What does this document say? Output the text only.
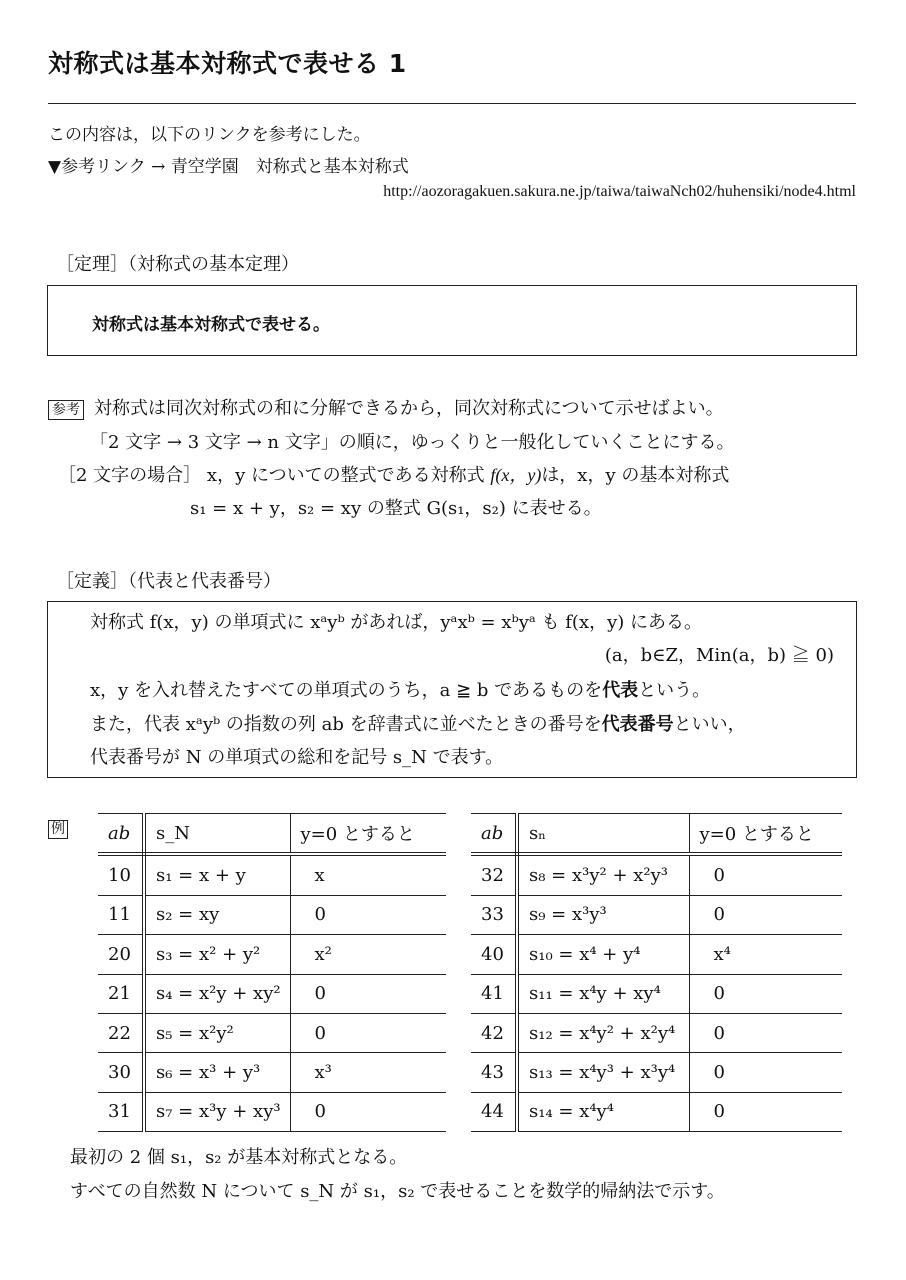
対称式は基本対称式で表せる 1
この内容は，以下のリンクを参考にした。
▼参考リンク → 青空学園　対称式と基本対称式
http://aozoragakuen.sakura.ne.jp/taiwa/taiwaNch02/huhensiki/node4.html
［定理］（対称式の基本定理）
対称式は基本対称式で表せる。
参考 対称式は同次対称式の和に分解できるから，同次対称式について示せばよい。
「2 文字 → 3 文字 → n 文字」の順に，ゆっくりと一般化していくことにする。
［2 文字の場合］ x，y についての整式である対称式 f(x，y)は，x，y の基本対称式
s₁ = x + y，s₂ = xy の整式 G(s₁，s₂) に表せる。
［定義］（代表と代表番号）
対称式 f(x，y) の単項式に xᵃyᵇ があれば，yᵃxᵇ = xᵇyᵃ も f(x，y) にある。
(a，b∈Z，Min(a，b) ≧ 0)
x，y を入れ替えたすべての単項式のうち，a ≧ b であるものを代表という。
また，代表 xᵃyᵇ の指数の列 ab を辞書式に並べたときの番号を代表番号といい，
代表番号が N の単項式の総和を記号 s_N で表す。
例 ab	s_N	y=0 とすると
10	s₁ = x + y	x
11	s₂ = xy	0
20	s₃ = x² + y²	x²
21	s₄ = x²y + xy²	0
22	s₅ = x²y²	0
30	s₆ = x³ + y³	x³
31	s₇ = x³y + xy³	0
ab	sₙ	y=0 とすると
32	s₈ = x³y² + x²y³	0
33	s₉ = x³y³	0
40	s₁₀ = x⁴ + y⁴	x⁴
41	s₁₁ = x⁴y + xy⁴	0
42	s₁₂ = x⁴y² + x²y⁴	0
43	s₁₃ = x⁴y³ + x³y⁴	0
44	s₁₄ = x⁴y⁴	0
最初の 2 個 s₁，s₂ が基本対称式となる。
すべての自然数 N について s_N が s₁，s₂ で表せることを数学的帰納法で示す。
